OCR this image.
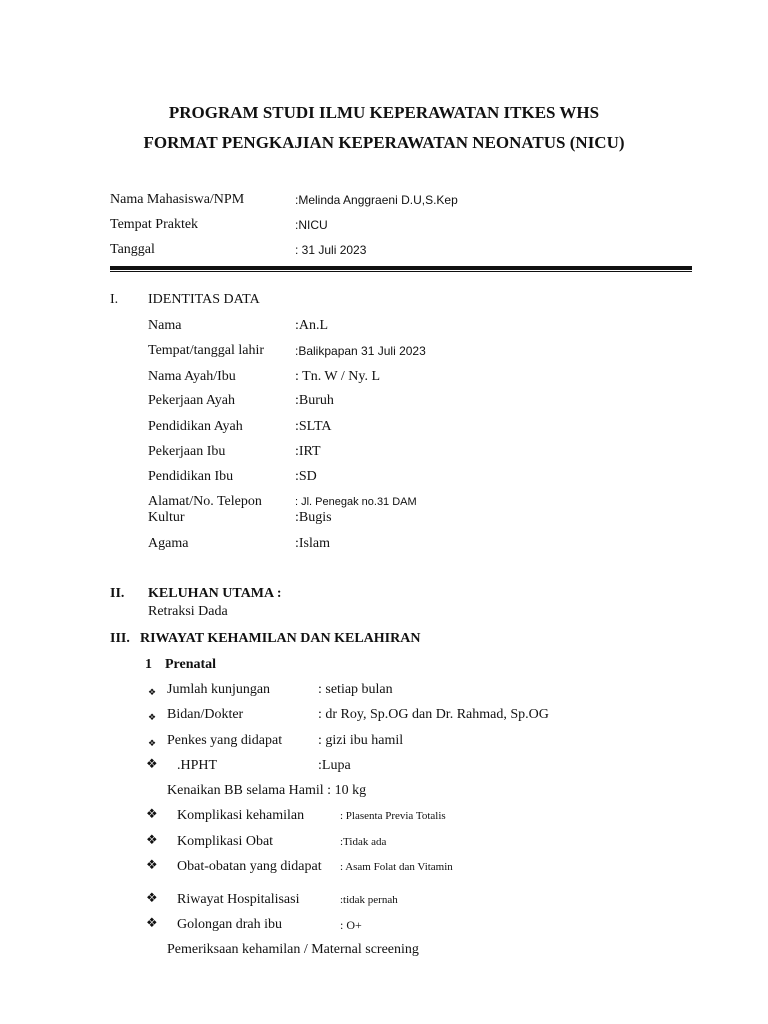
PROGRAM STUDI ILMU KEPERAWATAN ITKES WHS
FORMAT PENGKAJIAN KEPERAWATAN NEONATUS (NICU)
Nama Mahasiswa/NPM	:Melinda Anggraeni D.U,S.Kep
Tempat Praktek	:NICU
Tanggal	: 31 Juli 2023
I. IDENTITAS DATA
Nama	:An.L
Tempat/tanggal lahir	:Balikpapan 31 Juli 2023
Nama Ayah/Ibu	: Tn. W / Ny. L
Pekerjaan Ayah	:Buruh
Pendidikan Ayah	:SLTA
Pekerjaan Ibu	:IRT
Pendidikan Ibu	:SD
Alamat/No. Telepon	: Jl. Penegak no.31 DAM
Kultur	:Bugis
Agama	:Islam
II. KELUHAN UTAMA :
Retraksi Dada
III. RIWAYAT KEHAMILAN DAN KELAHIRAN
1 Prenatal
❖ Jumlah kunjungan	: setiap bulan
❖ Bidan/Dokter	: dr Roy, Sp.OG dan Dr. Rahmad, Sp.OG
❖ Penkes yang didapat	: gizi ibu hamil
❖ .HPHT	:Lupa
Kenaikan BB selama Hamil : 10 kg
❖ Komplikasi kehamilan	: Plasenta Previa Totalis
❖ Komplikasi Obat	:Tidak ada
❖ Obat-obatan yang didapat : Asam Folat dan Vitamin
❖ Riwayat Hospitalisasi	:tidak pernah
❖ Golongan drah ibu	: O+
Pemeriksaan kehamilan / Maternal screening
